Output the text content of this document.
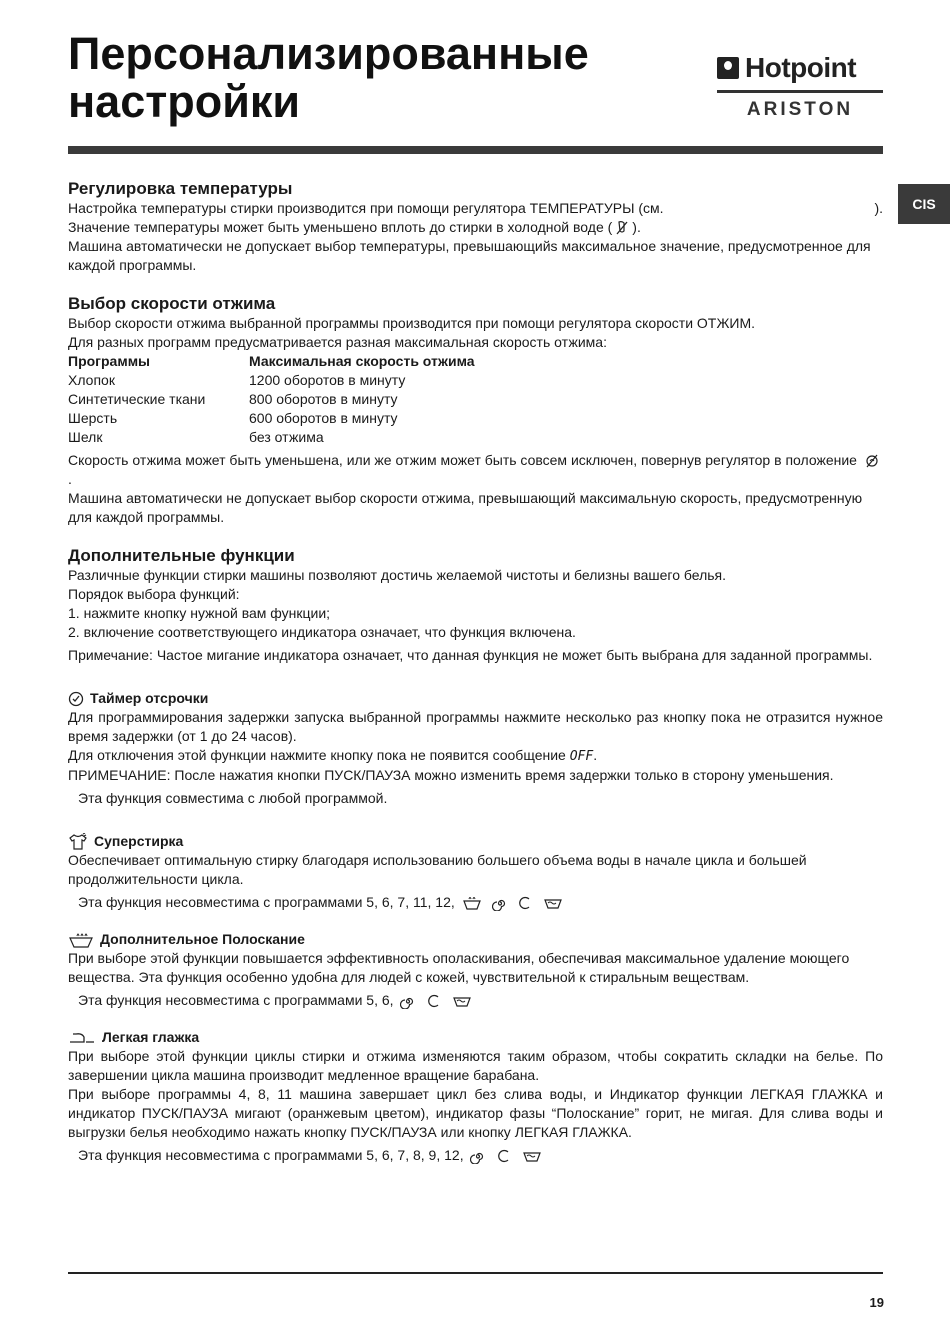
Персонализированные
настройки
Hotpoint
ARISTON
CIS
Регулировка температуры
Настройка температуры стирки производится при помощи регулятора ТЕМПЕРАТУРЫ (см.	).

Значение температуры может быть уменьшено вплоть до стирки в холодной воде ( ).

Машина автоматически не допускает выбор температуры, превышающийs максимальное значение, предусмотренное для каждой программы.

Выбор скорости отжима

Выбор скорости отжима выбранной программы производится при помощи регулятора скорости ОТЖИМ.

Для разных программ предусматривается разная максимальная скорость отжима:

Программы	Максимальная скорость отжима
Хлопок	1200 оборотов в минуту
Синтетические ткани	800 оборотов в минуту
Шерсть	600 оборотов в минуту
Шелк	без отжима

Скорость отжима может быть уменьшена, или же отжим может быть совсем исключен, повернув регулятор в положение .

Машина автоматически не допускает выбор скорости отжима, превышающий максимальную скорость, предусмотренную для каждой программы.

Дополнительные функции

Различные функции стирки машины позволяют достичь желаемой чистоты и белизны вашего белья.

Порядок выбора функций:

1. нажмите кнопку нужной вам функции;

2. включение соответствующего индикатора означает, что функция включена.

Примечание: Частое мигание индикатора означает, что данная функция не может быть выбрана для заданной программы.

Таймер отсрочки

Для программирования задержки запуска выбранной программы нажмите несколько раз кнопку пока не отразится нужное время задержки (от 1 до 24 часов).

Для отключения этой функции нажмите кнопку пока не появится сообщение OFF.

ПРИМЕЧАНИЕ: После нажатия кнопки ПУСК/ПАУЗА можно изменить время задержки только в сторону уменьшения.

Эта функция совместима с любой программой.

Суперстирка

Обеспечивает оптимальную стирку благодаря использованию большего объема воды в начале цикла и большей продолжительности цикла.

Эта функция несовместима с программами 5, 6, 7, 11, 12,

Дополнительное Полоскание

При выборе этой функции повышается эффективность ополаскивания, обеспечивая максимальное удаление моющего вещества. Эта функция особенно удобна для людей с кожей, чувствительной к стиральным веществам.

Эта функция несовместима с программами 5, 6,

Легкая глажка

При выборе этой функции циклы стирки и отжима изменяются таким образом, чтобы сократить складки на белье. По завершении цикла машина производит медленное вращение барабана.

При выборе программы 4, 8, 11 машина завершает цикл без слива воды, и Индикатор функции ЛЕГКАЯ ГЛАЖКА и индикатор ПУСК/ПАУЗА мигают (оранжевым цветом), индикатор фазы “Полоскание” горит, не мигая. Для слива воды и выгрузки белья необходимо нажать кнопку ПУСК/ПАУЗА или кнопку ЛЕГКАЯ ГЛАЖКА.

Эта функция несовместима с программами 5, 6, 7, 8, 9, 12,

19
